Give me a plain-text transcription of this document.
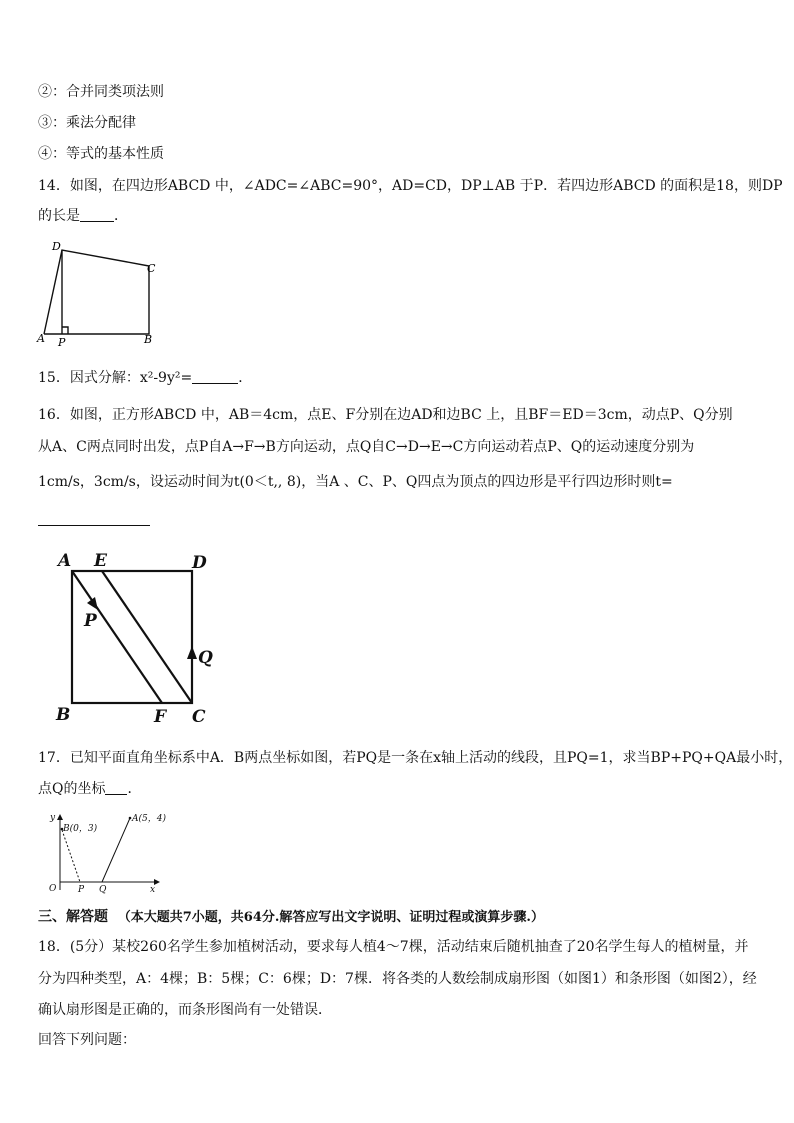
②：合并同类项法则
③：乘法分配律
④：等式的基本性质
14．如图，在四边形ABCD 中，∠ADC=∠ABC=90°，AD=CD，DP⊥AB 于P．若四边形ABCD 的面积是18，则DP
的长是 ．
A P	B
C
D
15．因式分解：x²-9y²=	．
16．如图，正方形ABCD 中，AB＝4cm，点E、F分别在边AD和边BC 上，且BF＝ED＝3cm，动点P、Q分别
从A、C两点同时出发，点P自A→F→B方向运动，点Q自C→D→E→C方向运动若点P、Q的运动速度分别为
1cm/s，3cm/s，设运动时间为t(0＜t,, 8)，当A 、C、P、Q四点为顶点的四边形是平行四边形时则t=
A E	D
P
Q
B	F C
17．已知平面直角坐标系中A．B两点坐标如图，若PQ是一条在x轴上活动的线段，且PQ=1，求当BP+PQ+QA最小时，
点Q的坐标 ．
y
B(0，3)
A(5，4)
O P Q	x
三、解答题 （本大题共7小题，共64分.解答应写出文字说明、证明过程或演算步骤.）
18．(5分）某校260名学生参加植树活动，要求每人植4～7棵，活动结束后随机抽查了20名学生每人的植树量，并
分为四种类型，A：4棵；B：5棵；C：6棵；D：7棵．将各类的人数绘制成扇形图（如图1）和条形图（如图2），经
确认扇形图是正确的，而条形图尚有一处错误．
回答下列问题：
